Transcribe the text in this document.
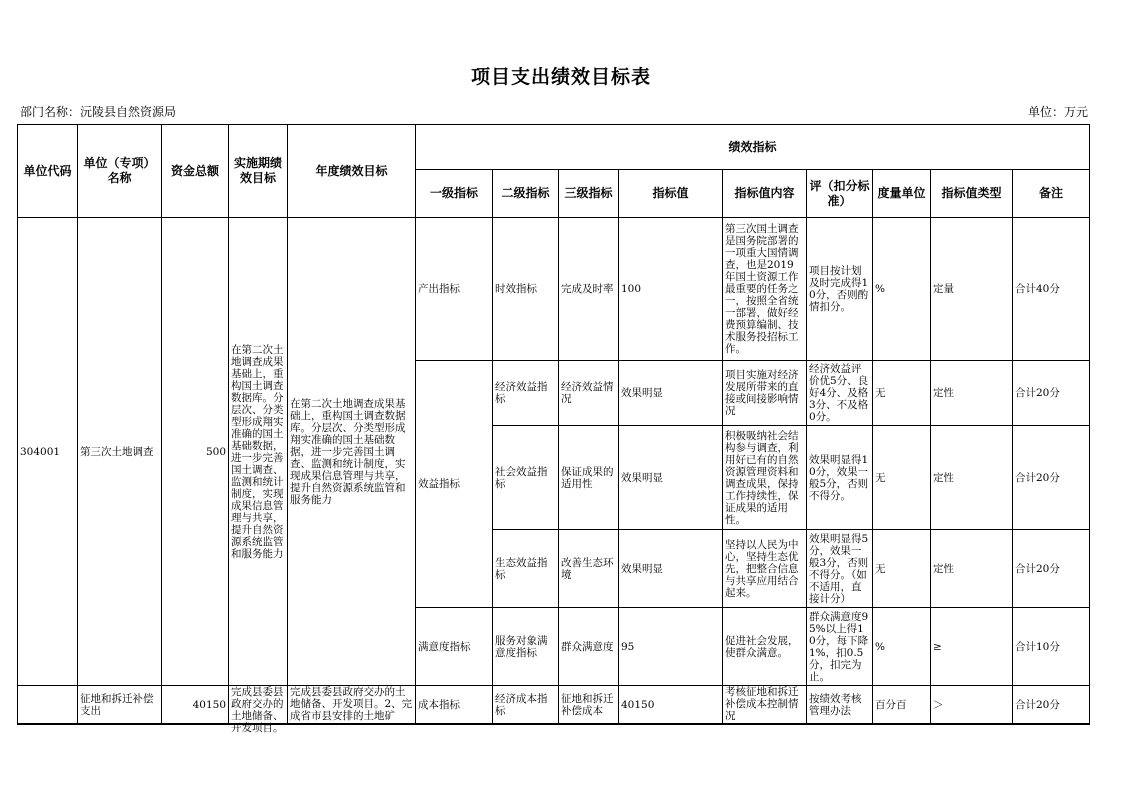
项目支出绩效目标表
部门名称：沅陵县自然资源局	单位：万元
单位代码	单位（专项）名称	资金总额	实施期绩效目标	年度绩效目标	绩效指标								
					一级指标	二级指标	三级指标	指标值	指标值内容	评（扣分标准）	度量单位	指标值类型	备注
304001	第三次土地调查	500	在第二次土地调查成果基础上，重构国土调查数据库。分层次、分类型形成翔实准确的国土基础数据，进一步完善国土调查、监测和统计制度，实现成果信息管理与共享，提升自然资源系统监管和服务能力	在第二次土地调查成果基础上，重构国土调查数据库。分层次、分类型形成翔实准确的国土基础数据，进一步完善国土调查、监测和统计制度，实现成果信息管理与共享，提升自然资源系统监管和服务能力	产出指标	时效指标	完成及时率	100	第三次国土调查是国务院部署的一项重大国情调查，也是2019年国土资源工作最重要的任务之一，按照全省统一部署，做好经费预算编制、技术服务投招标工作。	项目按计划及时完成得10分，否则酌情扣分。	%	定量	合计40分
					效益指标	经济效益指标	经济效益情况	效果明显	项目实施对经济发展所带来的直接或间接影响情况	经济效益评价优5分、良好4分、及格3分、不及格0分。	无	定性	合计20分
						社会效益指标	保证成果的适用性	效果明显	积极吸纳社会结构参与调查，利用好已有的自然资源管理资料和调查成果，保持工作持续性，保证成果的适用性。	效果明显得10分，效果一般5分，否则不得分。	无	定性	合计20分
						生态效益指标	改善生态环境	效果明显	坚持以人民为中心，坚持生态优先，把整合信息与共享应用结合起来。	效果明显得5分，效果一般3分，否则不得分。（如不适用，直接计分）	无	定性	合计20分
					满意度指标	服务对象满意度指标	群众满意度	95	促进社会发展，使群众满意。	群众满意度95%以上得10分，每下降1%，扣0.5分，扣完为止。	%	≥	合计10分
	征地和拆迁补偿支出	40150	完成县委县政府交办的土地储备、开发项目。	完成县委县政府交办的土地储备、开发项目。2、完成省市县安排的土地矿	成本指标	经济成本指标	征地和拆迁补偿成本	40150	考核征地和拆迁补偿成本控制情况	按绩效考核管理办法	百分百	＞	合计20分
